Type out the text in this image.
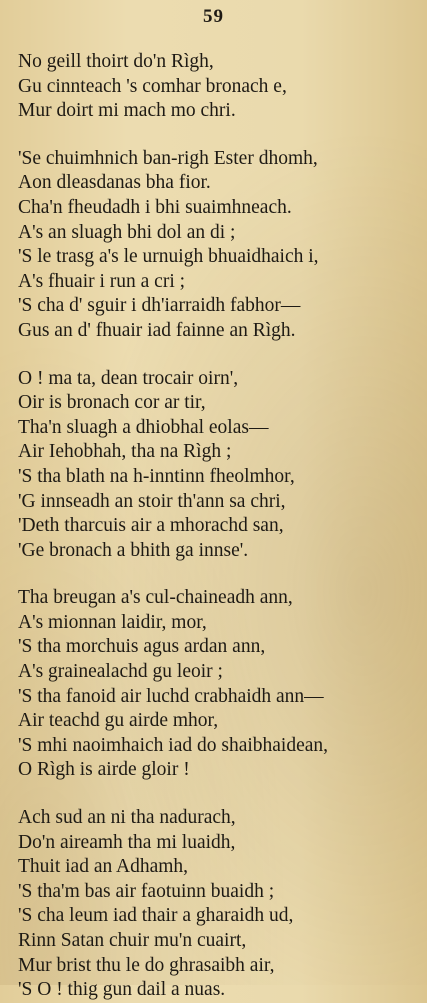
59
No geill thoirt do'n Rìgh,
Gu cinnteach 's comhar bronach e,
Mur doirt mi mach mo chri.
'Se chuimhnich ban-righ Ester dhomh,
Aon dleasdanas bha fior.
Cha'n fheudadh i bhi suaimhneach.
A's an sluagh bhi dol an di ;
'S le trasg a's le urnuigh bhuaidhaich i,
A's fhuair i run a cri ;
'S cha d' sguir i dh'iarraidh fabhor—
Gus an d' fhuair iad fainne an Rìgh.
O ! ma ta, dean trocair oirn',
Oir is bronach cor ar tir,
Tha'n sluagh a dhiobhal eolas—
Air Iehobhah, tha na Rìgh ;
'S tha blath na h-inntinn fheolmhor,
'G innseadh an stoir th'ann sa chri,
'Deth tharcuis air a mhorachd san,
'Ge bronach a bhith ga innse'.
Tha breugan a's cul-chaineadh ann,
A's mionnan laidir, mor,
'S tha morchuis agus ardan ann,
A's grainealachd gu leoir ;
'S tha fanoid air luchd crabhaidh ann—
Air teachd gu airde mhor,
'S mhi naoimhaich iad do shaibhaidean,
O Rìgh is airde gloir !
Ach sud an ni tha nadurach,
Do'n aireamh tha mi luaidh,
Thuit iad an Adhamh,
'S tha'm bas air faotuinn buaidh ;
'S cha leum iad thair a gharaidh ud,
Rinn Satan chuir mu'n cuairt,
Mur brist thu le do ghrasaibh air,
'S O ! thig gun dail a nuas.
